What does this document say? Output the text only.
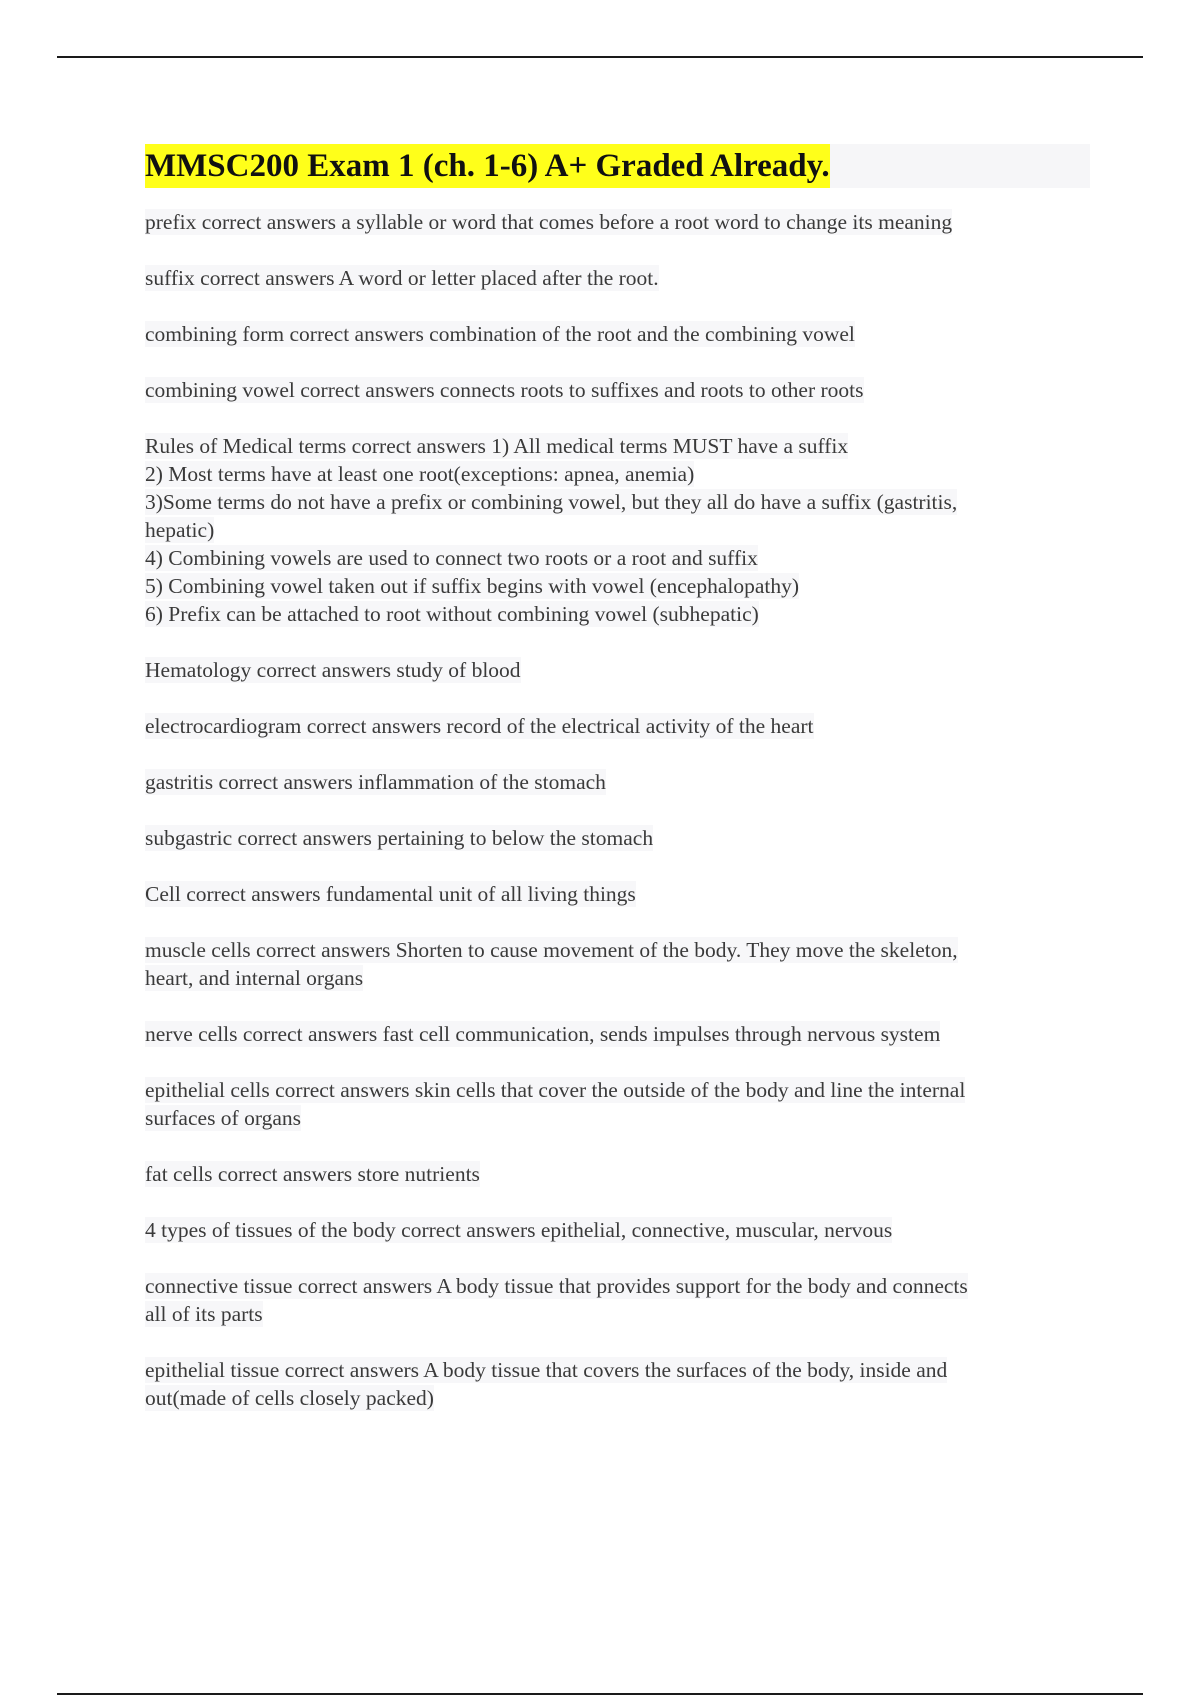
MMSC200 Exam 1 (ch. 1-6) A+ Graded Already.
prefix correct answers a syllable or word that comes before a root word to change its meaning
suffix correct answers A word or letter placed after the root.
combining form correct answers combination of the root and the combining vowel
combining vowel correct answers connects roots to suffixes and roots to other roots
Rules of Medical terms correct answers 1) All medical terms MUST have a suffix
2) Most terms have at least one root(exceptions: apnea, anemia)
3)Some terms do not have a prefix or combining vowel, but they all do have a suffix (gastritis,
hepatic)
4) Combining vowels are used to connect two roots or a root and suffix
5) Combining vowel taken out if suffix begins with vowel (encephalopathy)
6) Prefix can be attached to root without combining vowel (subhepatic)
Hematology correct answers study of blood
electrocardiogram correct answers record of the electrical activity of the heart
gastritis correct answers inflammation of the stomach
subgastric correct answers pertaining to below the stomach
Cell correct answers fundamental unit of all living things
muscle cells correct answers Shorten to cause movement of the body. They move the skeleton,
heart, and internal organs
nerve cells correct answers fast cell communication, sends impulses through nervous system
epithelial cells correct answers skin cells that cover the outside of the body and line the internal
surfaces of organs
fat cells correct answers store nutrients
4 types of tissues of the body correct answers epithelial, connective, muscular, nervous
connective tissue correct answers A body tissue that provides support for the body and connects
all of its parts
epithelial tissue correct answers A body tissue that covers the surfaces of the body, inside and
out(made of cells closely packed)
